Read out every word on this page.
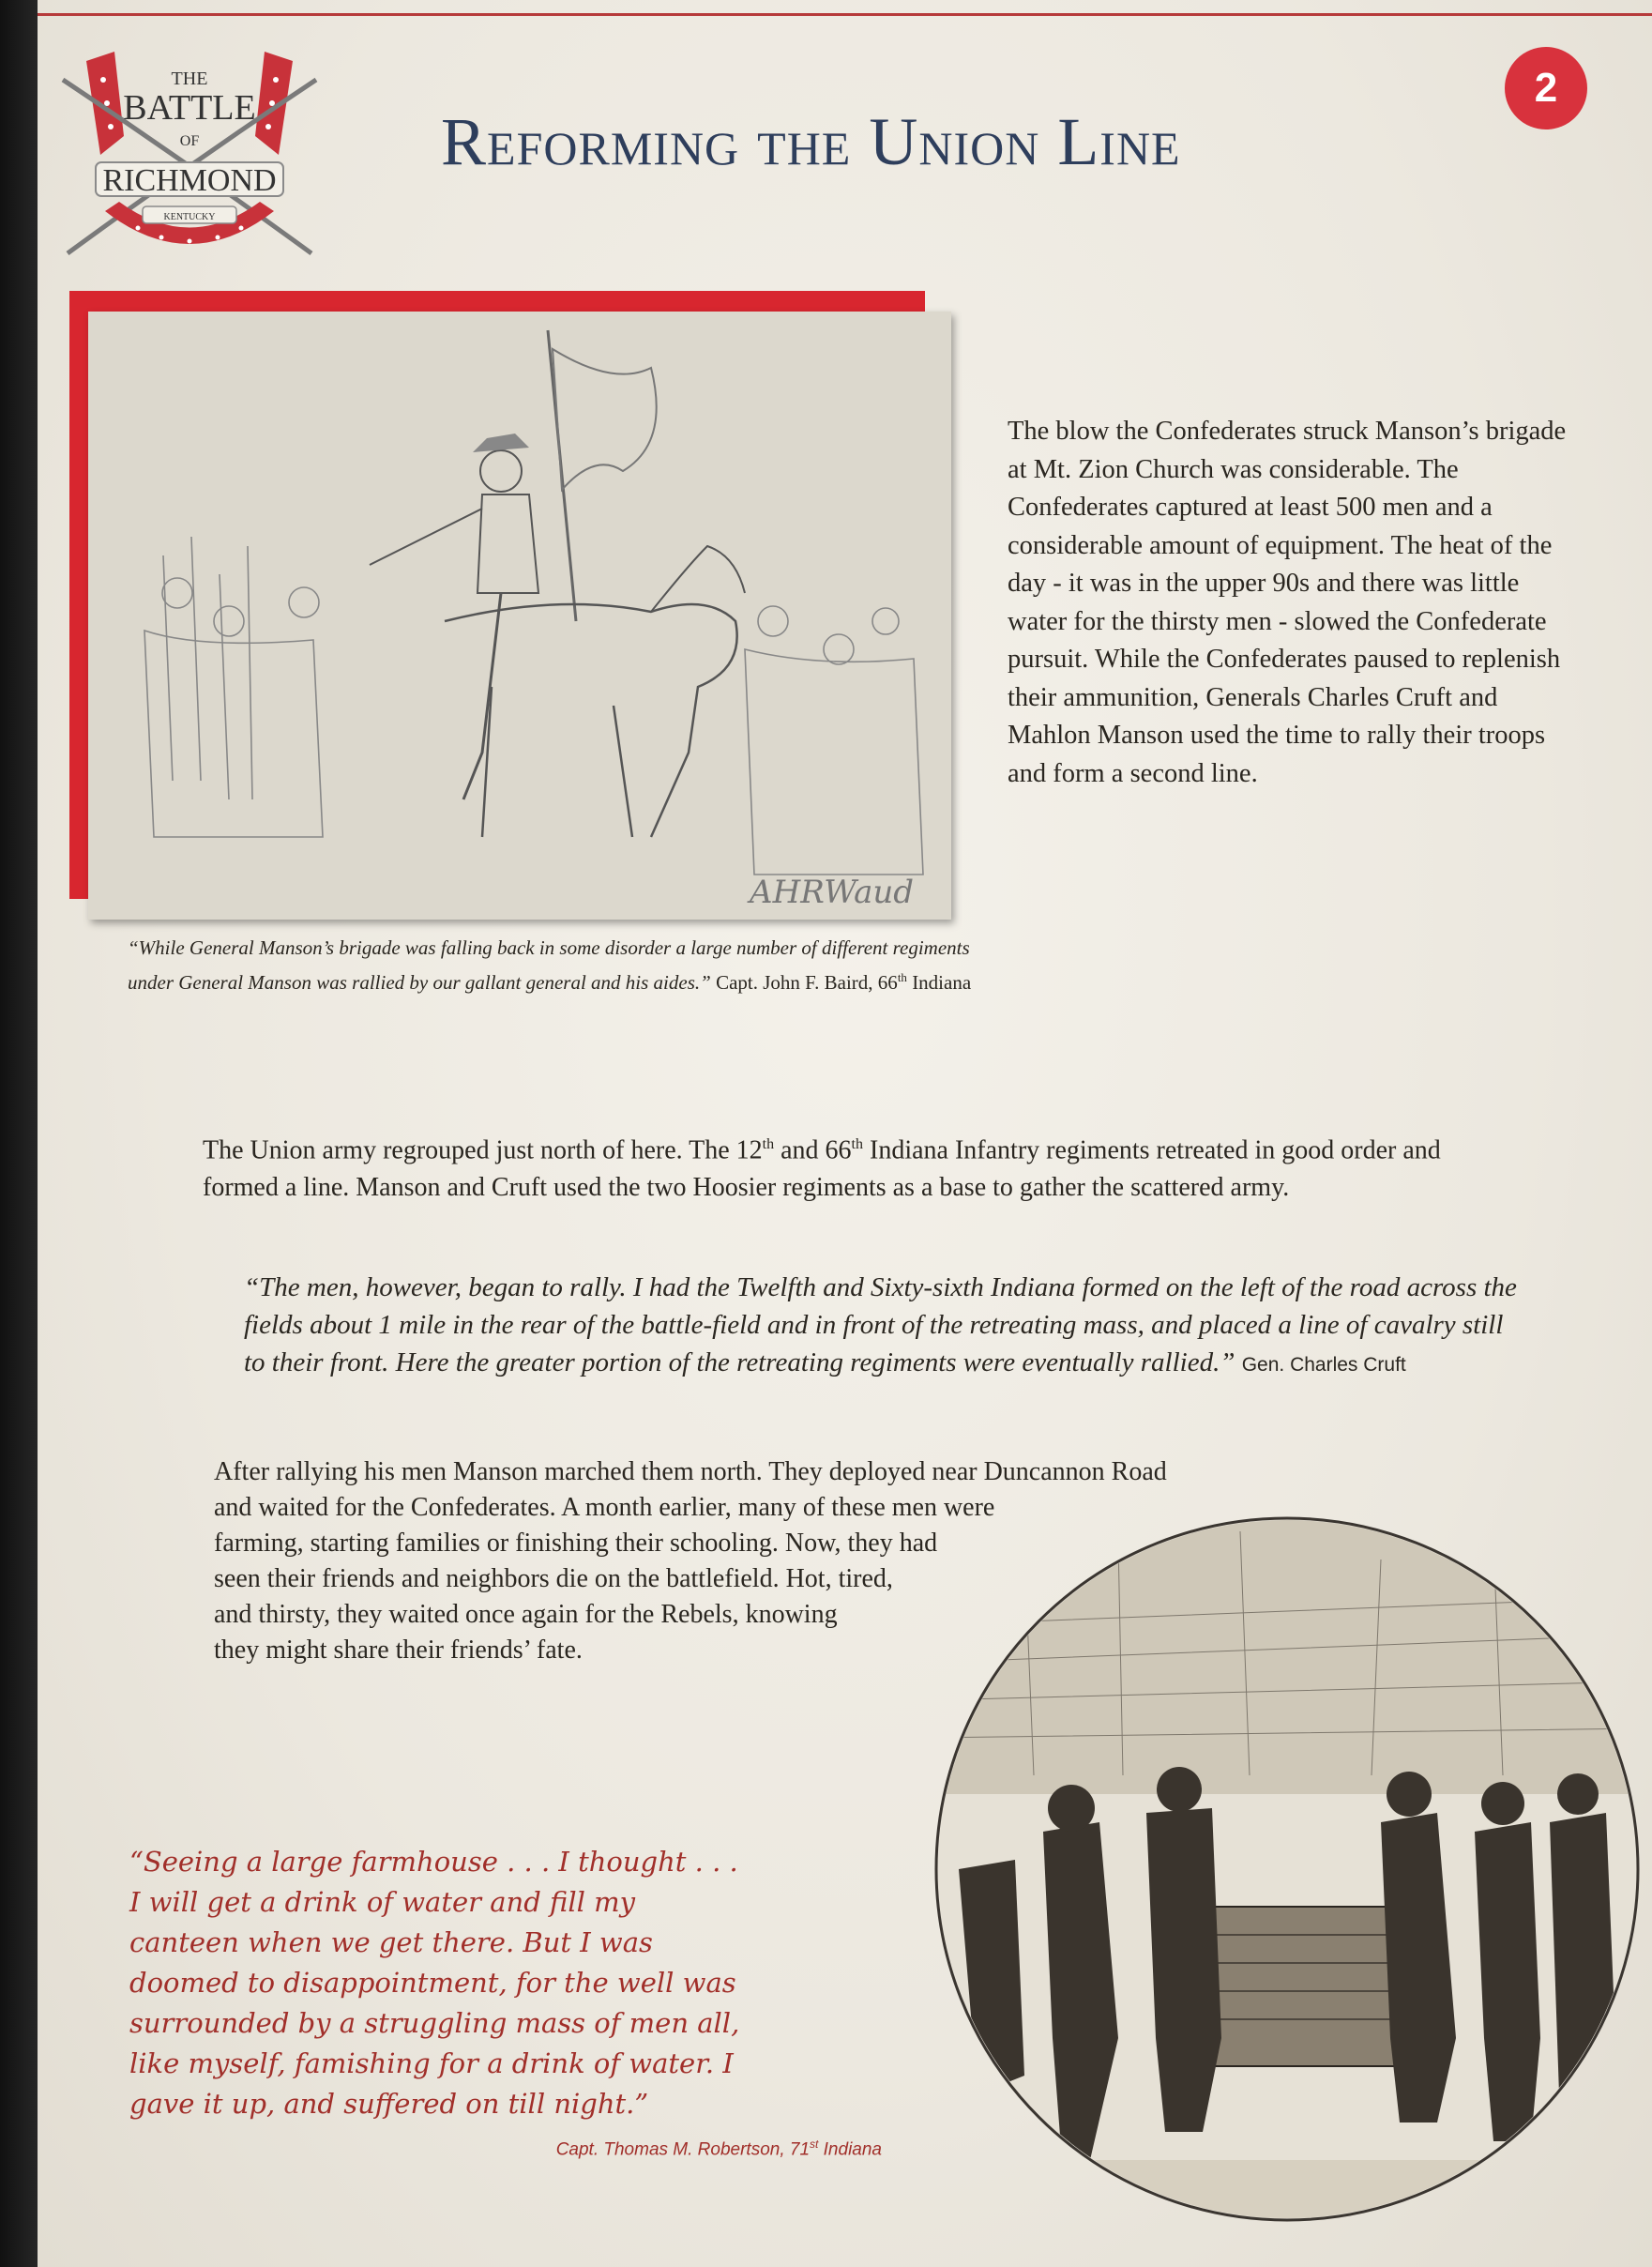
THE
BATTLE
OF
RICHMOND
KENTUCKY
Reforming the Union Line
2
AHRWaud
“While General Manson’s brigade was falling back in some disorder a large number of different regiments under General Manson was rallied by our gallant general and his aides.” Capt. John F. Baird, 66th Indiana
The blow the Confederates struck Manson’s brigade at Mt. Zion Church was considerable. The Confederates captured at least 500 men and a considerable amount of equipment. The heat of the day - it was in the upper 90s and there was little water for the thirsty men - slowed the Confederate pursuit. While the Confederates paused to replenish their ammunition, Generals Charles Cruft and Mahlon Manson used the time to rally their troops and form a second line.
The Union army regrouped just north of here. The 12th and 66th Indiana Infantry regiments retreated in good order and formed a line. Manson and Cruft used the two Hoosier regiments as a base to gather the scattered army.
“The men, however, began to rally. I had the Twelfth and Sixty-sixth Indiana formed on the left of the road across the fields about 1 mile in the rear of the battle-field and in front of the retreating mass, and placed a line of cavalry still to their front. Here the greater portion of the retreating regiments were eventually rallied.” Gen. Charles Cruft
After rallying his men Manson marched them north. They deployed near Duncannon Road
and waited for the Confederates. A month earlier, many of these men were
farming, starting families or finishing their schooling. Now, they had
seen their friends and neighbors die on the battlefield. Hot, tired,
and thirsty, they waited once again for the Rebels, knowing
they might share their friends’ fate.
“Seeing a large farmhouse . . . I thought . . .
I will get a drink of water and fill my
canteen when we get there. But I was
doomed to disappointment, for the well was
surrounded by a struggling mass of men all,
like myself, famishing for a drink of water. I
gave it up, and suffered on till night.”
Capt. Thomas M. Robertson, 71st Indiana
